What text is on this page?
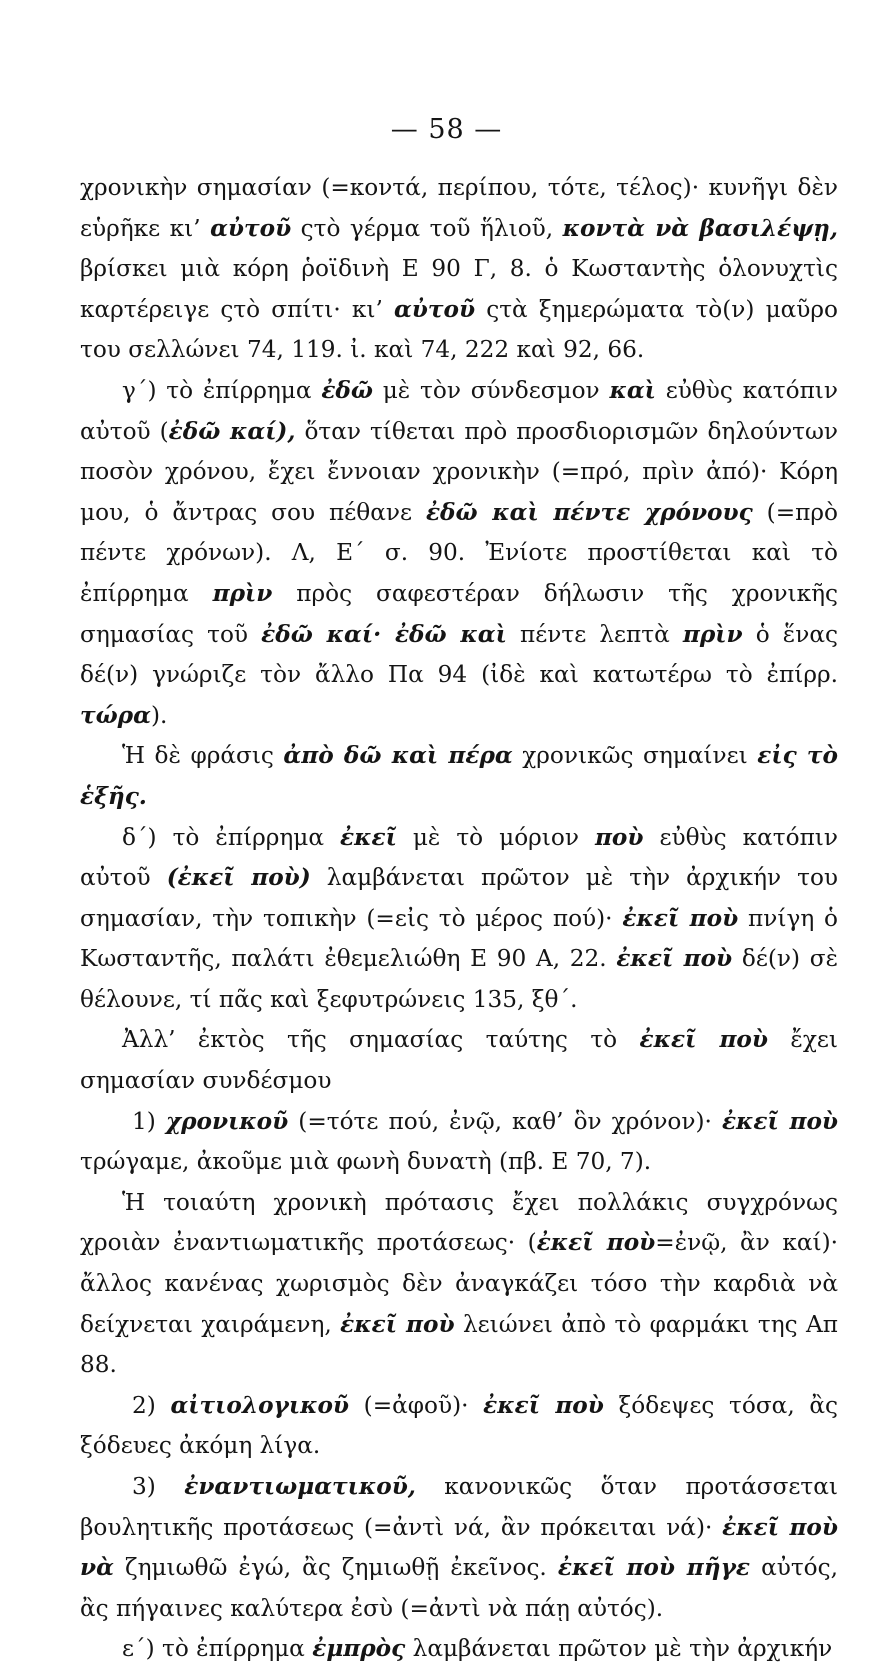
— 58 —

χρονικὴν σημασίαν (=κοντά, περίπου, τότε, τέλος)· κυνῆγι δὲν εὑρῆκε κι’ αὐτοῦ ςτὸ γέρμα τοῦ ἥλιοῦ, κοντὰ νὰ βασιλέψῃ, βρίσκει μιὰ κόρη ῥοϊδινὴ Ε 90 Γ, 8. ὁ Κωσταντὴς ὁλονυχτὶς καρτέρειγε ςτὸ σπίτι· κι’ αὐτοῦ ςτὰ ξημερώματα τὸ(ν) μαῦρο του σελλώνει 74, 119. ἰ. καὶ 74, 222 καὶ 92, 66.

γ´) τὸ ἐπίρρημα ἐδῶ μὲ τὸν σύνδεσμον καὶ εὐθὺς κατόπιν αὐτοῦ (ἐδῶ καί), ὅταν τίθεται πρὸ προσδιορισμῶν δηλούντων ποσὸν χρόνου, ἔχει ἔννοιαν χρονικὴν (=πρό, πρὶν ἀπό)· Κόρη μου, ὁ ἄντρας σου πέθανε ἐδῶ καὶ πέντε χρόνους (=πρὸ πέντε χρόνων). Λ, Ε´ σ. 90. Ἐνίοτε προστίθεται καὶ τὸ ἐπίρρημα πρὶν πρὸς σαφεστέραν δήλωσιν τῆς χρονικῆς σημασίας τοῦ ἐδῶ καί· ἐδῶ καὶ πέντε λεπτὰ πρὶν ὁ ἕνας δέ(ν) γνώριζε τὸν ἄλλο Πα 94 (ἰδὲ καὶ κατωτέρω τὸ ἐπίρρ. τώρα).

Ἡ δὲ φράσις ἀπὸ δῶ καὶ πέρα χρονικῶς σημαίνει εἰς τὸ ἑξῆς.

δ´) τὸ ἐπίρρημα ἐκεῖ μὲ τὸ μόριον ποὺ εὐθὺς κατόπιν αὐτοῦ (ἐκεῖ ποὺ) λαμβάνεται πρῶτον μὲ τὴν ἀρχικήν του σημασίαν, τὴν τοπικὴν (=εἰς τὸ μέρος πού)· ἐκεῖ ποὺ πνίγη ὁ Κωσταντῆς, παλάτι ἐθεμελιώθη Ε 90 Α, 22. ἐκεῖ ποὺ δέ(ν) σὲ θέλουνε, τί πᾶς καὶ ξεφυτρώνεις 135, ξθ´.

Ἀλλ’ ἐκτὸς τῆς σημασίας ταύτης τὸ ἐκεῖ ποὺ ἔχει σημασίαν συνδέσμου

1) χρονικοῦ (=τότε πού, ἐνῷ, καθ’ ὃν χρόνον)· ἐκεῖ ποὺ τρώγαμε, ἀκοῦμε μιὰ φωνὴ δυνατὴ (πβ. Ε 70, 7).

Ἡ τοιαύτη χρονικὴ πρότασις ἔχει πολλάκις συγχρόνως χροιὰν ἐναντιωματικῆς προτάσεως· (ἐκεῖ ποὺ=ἐνῷ, ἂν καί)· ἄλλος κανένας χωρισμὸς δὲν ἀναγκάζει τόσο τὴν καρδιὰ νὰ δείχνεται χαιράμενη, ἐκεῖ ποὺ λειώνει ἀπὸ τὸ φαρμάκι της Απ 88.

2) αἰτιολογικοῦ (=ἀφοῦ)· ἐκεῖ ποὺ ξόδεψες τόσα, ἂς ξόδευες ἀκόμη λίγα.

3) ἐναντιωματικοῦ, κανονικῶς ὅταν προτάσσεται βουλητικῆς προτάσεως (=ἀντὶ νά, ἂν πρόκειται νά)· ἐκεῖ ποὺ νὰ ζημιωθῶ ἐγώ, ἂς ζημιωθῇ ἐκεῖνος. ἐκεῖ ποὺ πῆγε αὐτός, ἂς πήγαινες καλύτερα ἐσὺ (=ἀντὶ νὰ πάῃ αὐτός).

ε´) τὸ ἐπίρρημα ἐμπρὸς λαμβάνεται πρῶτον μὲ τὴν ἀρχικήν
